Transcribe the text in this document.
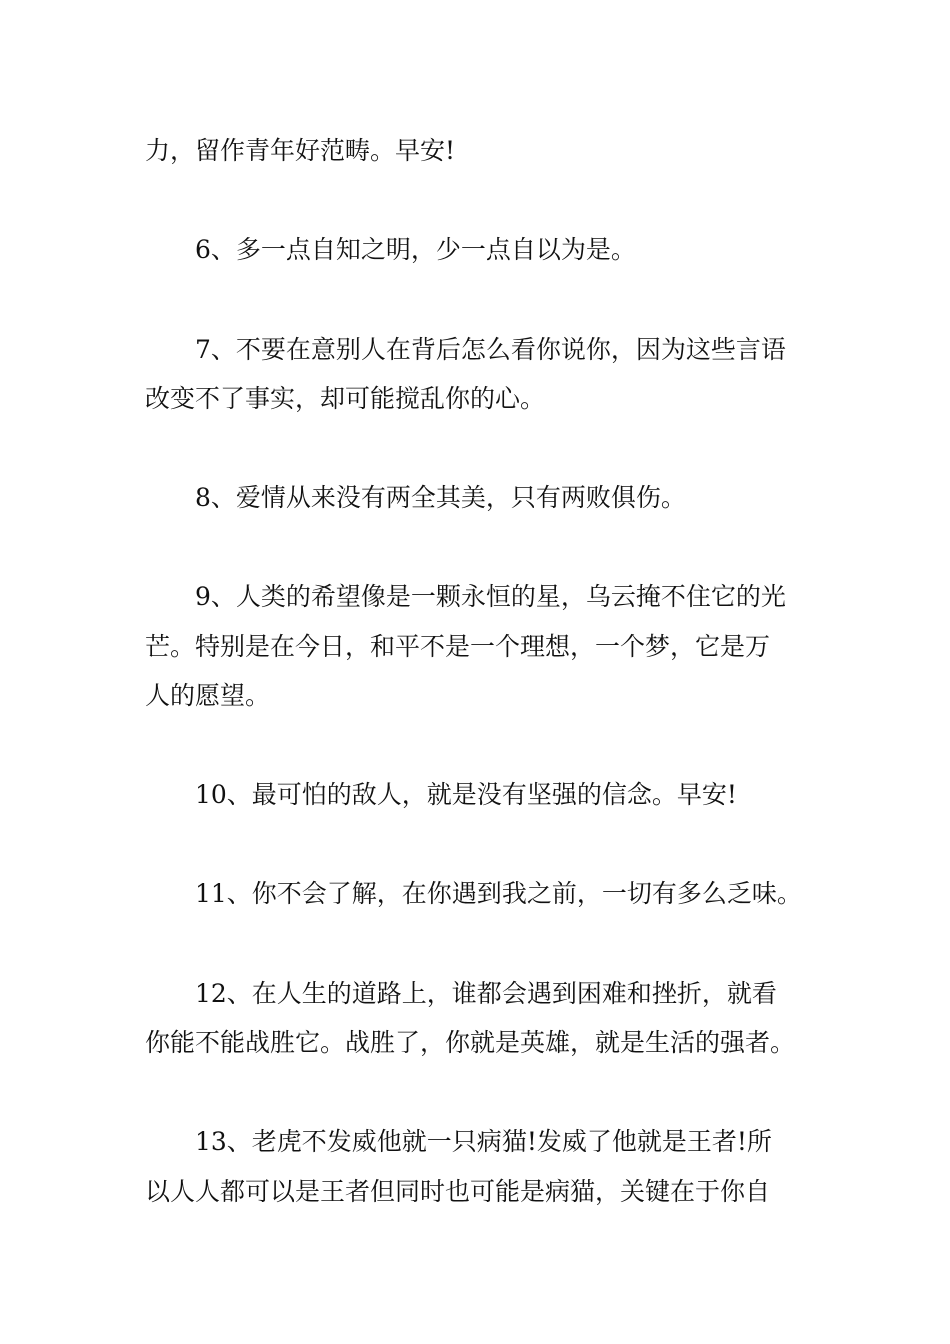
力，留作青年好范畴。早安!
6、多一点自知之明，少一点自以为是。
7、不要在意别人在背后怎么看你说你，因为这些言语
改变不了事实，却可能搅乱你的心。
8、爱情从来没有两全其美，只有两败俱伤。
9、人类的希望像是一颗永恒的星，乌云掩不住它的光
芒。特别是在今日，和平不是一个理想，一个梦，它是万
人的愿望。
10、最可怕的敌人，就是没有坚强的信念。早安!
11、你不会了解，在你遇到我之前，一切有多么乏味。
12、在人生的道路上，谁都会遇到困难和挫折，就看
你能不能战胜它。战胜了，你就是英雄，就是生活的强者。
13、老虎不发威他就一只病猫!发威了他就是王者!所
以人人都可以是王者但同时也可能是病猫，关键在于你自
